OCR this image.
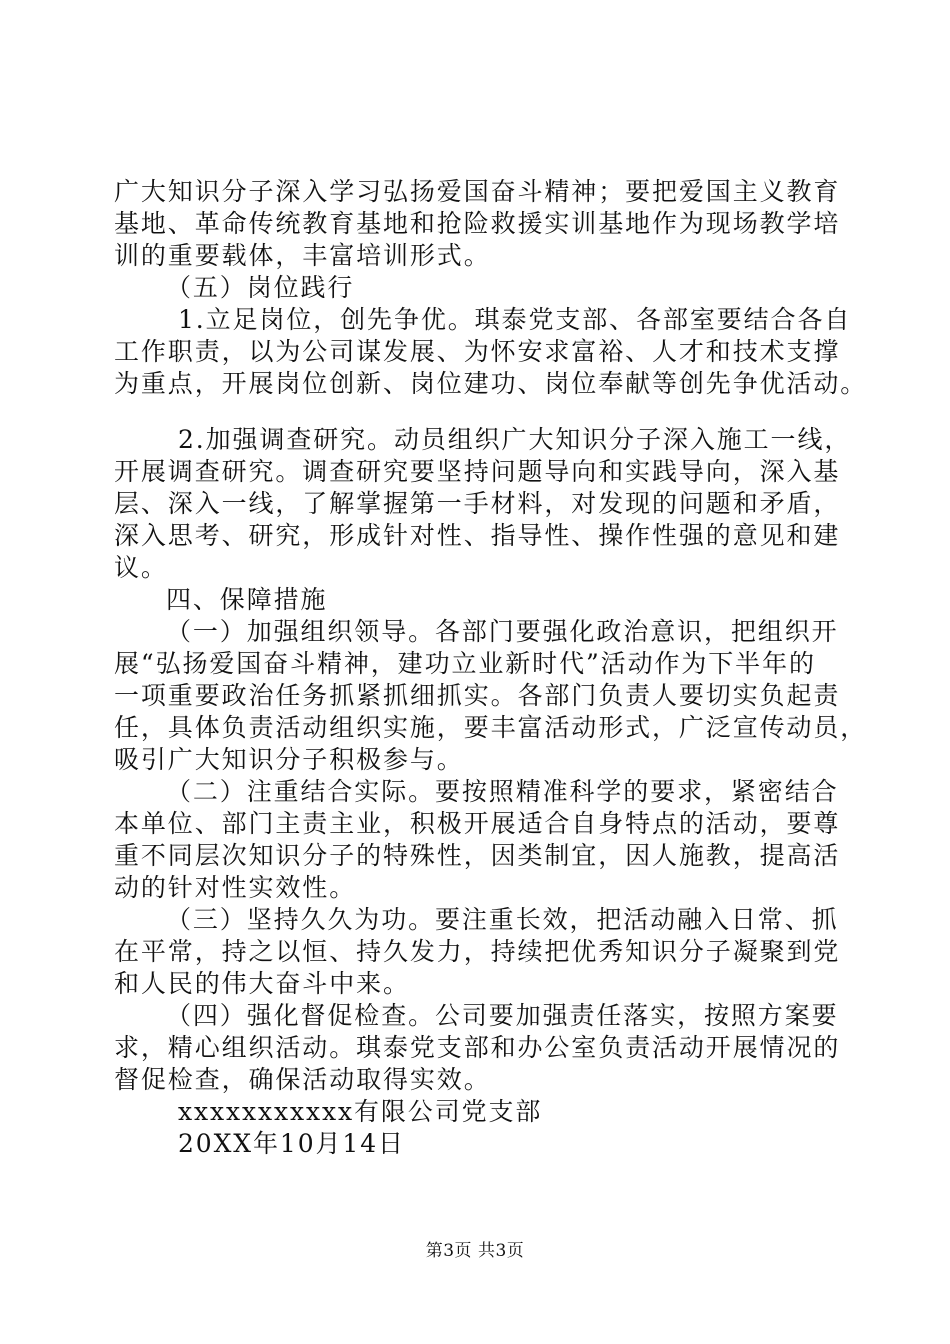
广大知识分子深入学习弘扬爱国奋斗精神；要把爱国主义教育
基地、革命传统教育基地和抢险救援实训基地作为现场教学培
训的重要载体，丰富培训形式。
（五）岗位践行
1.立足岗位，创先争优。琪泰党支部、各部室要结合各自
工作职责，以为公司谋发展、为怀安求富裕、人才和技术支撑
为重点，开展岗位创新、岗位建功、岗位奉献等创先争优活动。
2.加强调查研究。动员组织广大知识分子深入施工一线，
开展调查研究。调查研究要坚持问题导向和实践导向，深入基
层、深入一线，了解掌握第一手材料，对发现的问题和矛盾，
深入思考、研究，形成针对性、指导性、操作性强的意见和建
议。
四、保障措施
（一）加强组织领导。各部门要强化政治意识，把组织开
展“弘扬爱国奋斗精神，建功立业新时代”活动作为下半年的
一项重要政治任务抓紧抓细抓实。各部门负责人要切实负起责
任，具体负责活动组织实施，要丰富活动形式，广泛宣传动员，
吸引广大知识分子积极参与。
（二）注重结合实际。要按照精准科学的要求，紧密结合
本单位、部门主责主业，积极开展适合自身特点的活动，要尊
重不同层次知识分子的特殊性，因类制宜，因人施教，提高活
动的针对性实效性。
（三）坚持久久为功。要注重长效，把活动融入日常、抓
在平常，持之以恒、持久发力，持续把优秀知识分子凝聚到党
和人民的伟大奋斗中来。
（四）强化督促检查。公司要加强责任落实，按照方案要
求，精心组织活动。琪泰党支部和办公室负责活动开展情况的
督促检查，确保活动取得实效。
xxxxxxxxxxx有限公司党支部
20XX年10月14日
第3页 共3页
